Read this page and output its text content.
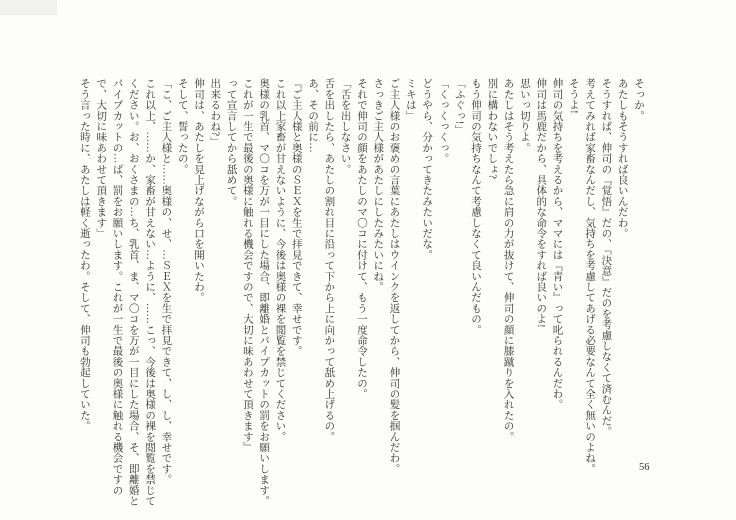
そっか。

あたしもそうすれば良いんだわ。

そうすれば、伸司の『覚悟』だの、『決意』だのを考慮しなくて済むんだ。

考えてみれば家畜なんだし、気持ちを考慮してあげる必要なんて全く無いのよね。

そうよ!

伸司の気持ちを考えるから、ママには『青い』って叱られるんだわ。

伸司は馬鹿だから、具体的な命令をすれば良いのよ!

思いっ切りよ。

あたしはそう考えたら急に肩の力が抜けて、伸司の顔に膝蹴りを入れたの。

別に構わないでしょ?

もう伸司の気持ちなんて考慮しなくて良いんだもの。

「ふぐっ!」

「くっくっくっ。

どうやら、分かってきたみたいだな。

ミキは」

ご主人様のお褒めの言葉にあたしはウインクを返してから、伸司の髪を掴んだわ。

さっきご主人様があたしにしたみたいにね。

それで伸司の顔をあたしのマ〇コに付けて、もう一度命令したの。

「舌を出しなさい。

舌を出したら、あたしの割れ目に沿って下から上に向かって舐め上げるの。

あ、その前に…

『ご主人様と奥様のＳＥＸを生で拝見できて、幸せです。

これ以上家畜が甘えないように、今後は奥様の裸を閲覧を禁じてください。

奥様の乳首、マ〇コを万が一目にした場合、即離婚とパイプカットの罰をお願いします。

これが一生で最後の奥様に触れる機会ですので、大切に味あわせて頂きます』

って宣言してから舐めて。

出来るわね?」

伸司は、あたしを見上げながら口を開いたわ。

そして、誓ったの。

「こ、ご主人様と……奥様の、せ、…ＳＥＸを生で拝見できて、し、し、幸せです。

これ以上、……か、家畜が甘えない…ように、……こっ、今後は奥様の裸を閲覧を禁じてください。お、おくさまの…ち、乳首、ま、マ〇コを万が一目にした場合、そ、即離婚とパイプカットの…ば、罰をお願いします。これが一生で最後の奥様に触れる機会ですので、大切に味あわせて頂きます」

そう言った時に、あたしは軽く逝ったわ。そして、伸司も勃起していた。

56
